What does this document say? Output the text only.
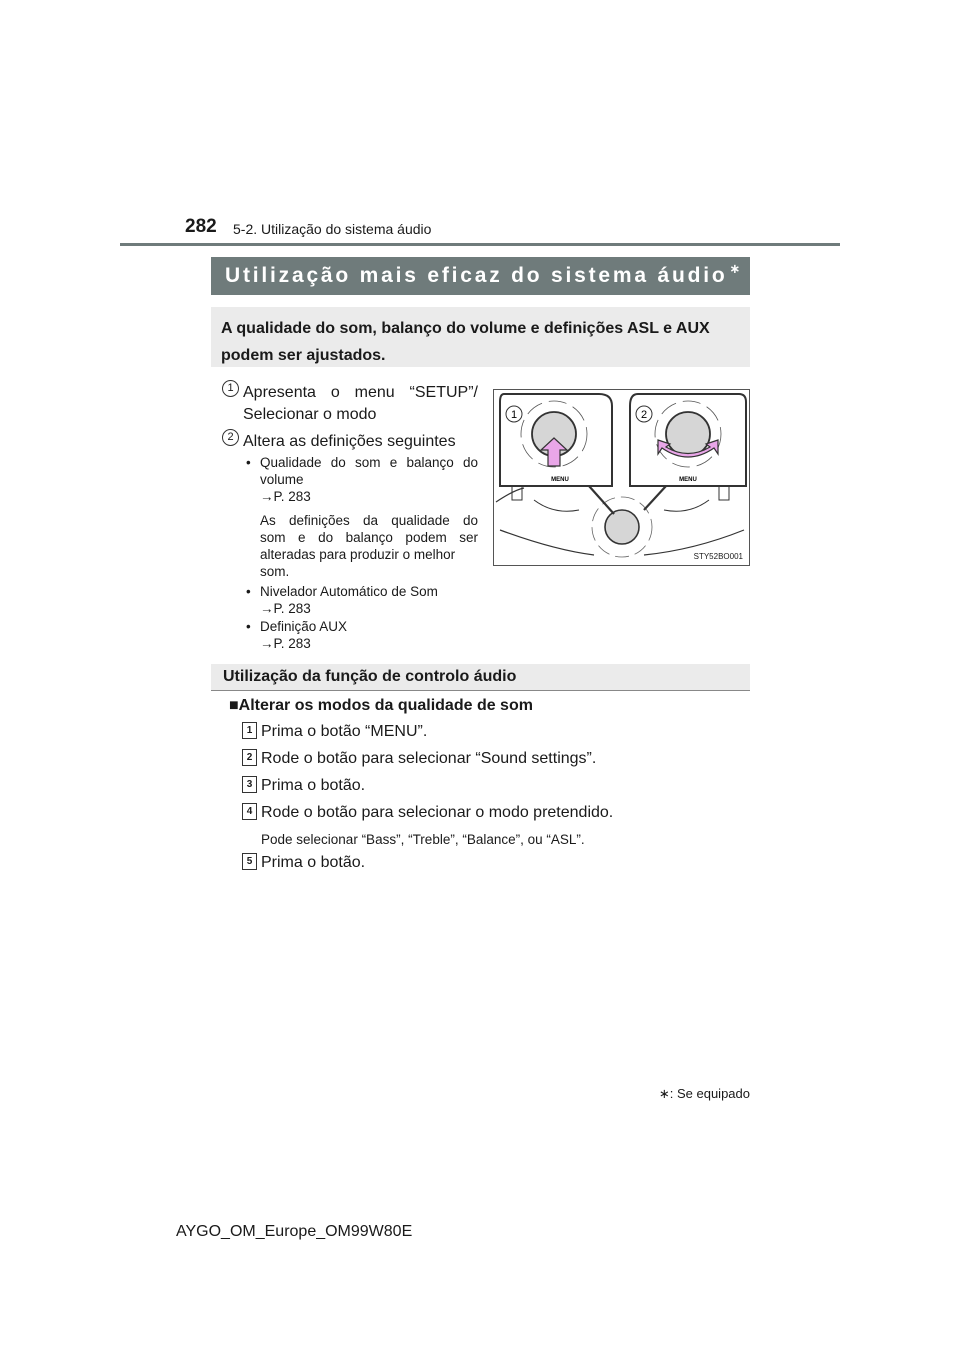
282 5-2. Utilização do sistema áudio
Utilização mais eficaz do sistema áudio ∗
A qualidade do som, balanço do volume e definições ASL e AUX podem ser ajustados.
1 Apresenta o menu “SETUP”/
Selecionar o modo
2 Altera as definições seguintes
• Qualidade do som e balanço do
volume
→P. 283
As definições da qualidade do
som e do balanço podem ser
alteradas para produzir o melhor
som.
• Nivelador Automático de Som
→P. 283
• Definição AUX
→P. 283
1
MENU
2
MENU
STY52BO001
Utilização da função de controlo áudio
■Alterar os modos da qualidade de som
1 Prima o botão “MENU”.
2 Rode o botão para selecionar “Sound settings”.
3 Prima o botão.
4 Rode o botão para selecionar o modo pretendido.
Pode selecionar “Bass”, “Treble”, “Balance”, ou “ASL”.
5 Prima o botão.
∗: Se equipado
AYGO_OM_Europe_OM99W80E
